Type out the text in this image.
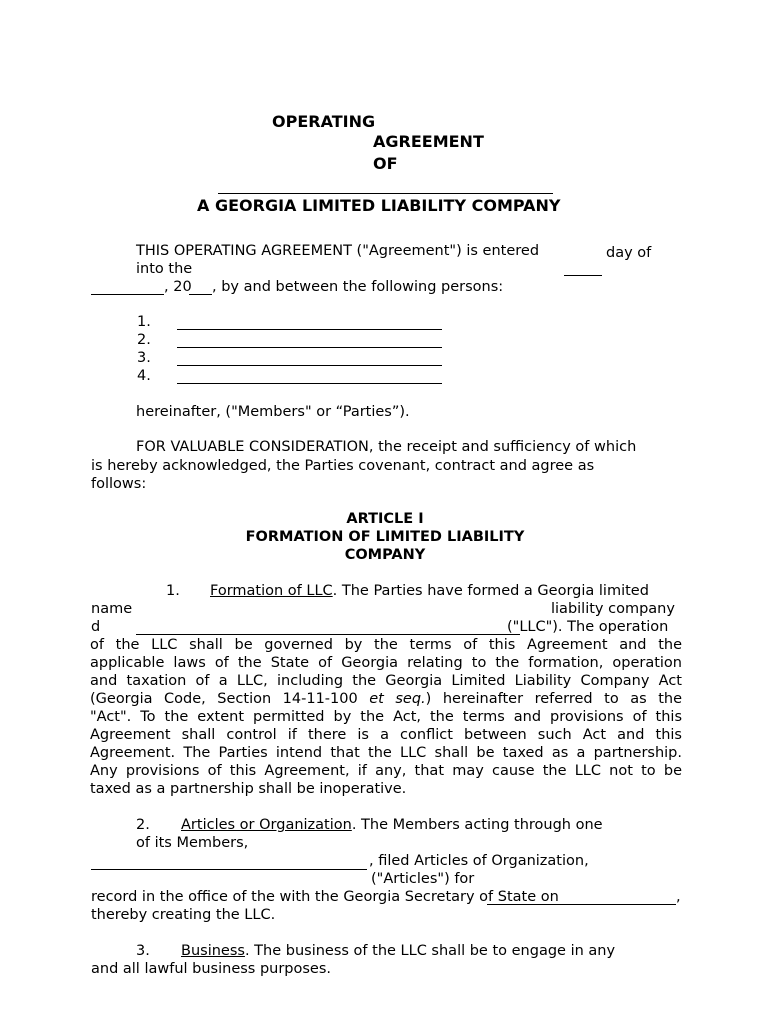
OPERATING
AGREEMENT
OF
A GEORGIA LIMITED LIABILITY COMPANY
THIS OPERATING AGREEMENT ("Agreement") is entered	day of
into the
, 20 , by and between the following persons:
1.
2.
3.
4.
hereinafter, ("Members" or “Parties”).
FOR VALUABLE CONSIDERATION, the receipt and sufficiency of which
is hereby acknowledged, the Parties covenant, contract and agree as
follows:
ARTICLE I
FORMATION OF LIMITED LIABILITY
COMPANY
1. Formation of LLC. The Parties have formed a Georgia limited
name	liability company
d	("LLC"). The operation
of the LLC shall be governed by the terms of this Agreement and the
applicable laws of the State of Georgia relating to the formation, operation
and taxation of a LLC, including the Georgia Limited Liability Company Act
(Georgia Code, Section 14-11-100 et seq.) hereinafter referred to as the
"Act". To the extent permitted by the Act, the terms and provisions of this
Agreement shall control if there is a conflict between such Act and this
Agreement. The Parties intend that the LLC shall be taxed as a partnership.
Any provisions of this Agreement, if any, that may cause the LLC not to be
taxed as a partnership shall be inoperative.
2. Articles or Organization. The Members acting through one
of its Members,
, filed Articles of Organization,
("Articles") for
record in the office of the with the Georgia Secretary of State on	,
thereby creating the LLC.
3. Business. The business of the LLC shall be to engage in any
and all lawful business purposes.
